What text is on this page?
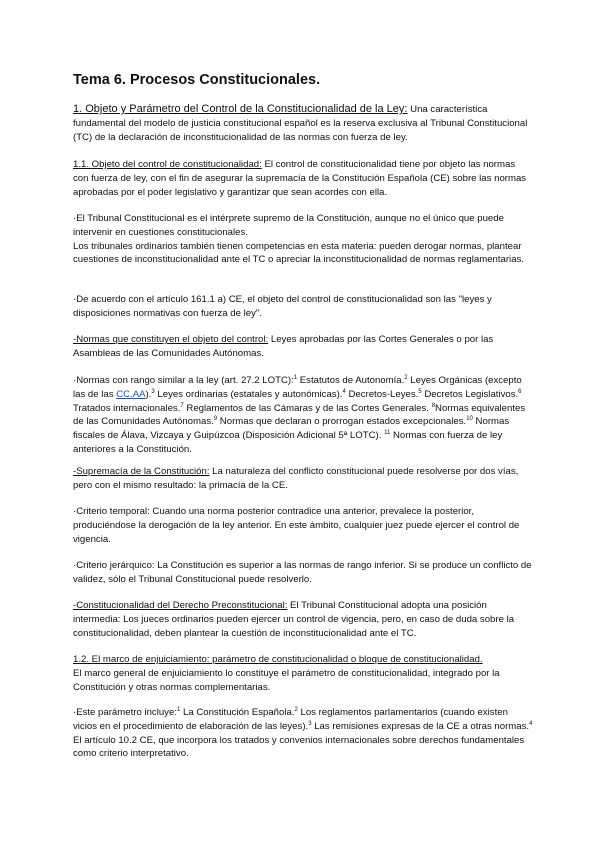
Tema 6. Procesos Constitucionales.

1. Objeto y Parámetro del Control de la Constitucionalidad de la Ley: Una característica fundamental del modelo de justicia constitucional español es la reserva exclusiva al Tribunal Constitucional (TC) de la declaración de inconstitucionalidad de las normas con fuerza de ley.

1.1. Objeto del control de constitucionalidad: El control de constitucionalidad tiene por objeto las normas con fuerza de ley, con el fin de asegurar la supremacía de la Constitución Española (CE) sobre las normas aprobadas por el poder legislativo y garantizar que sean acordes con ella.

·El Tribunal Constitucional es el intérprete supremo de la Constitución, aunque no el único que puede intervenir en cuestiones constitucionales.
Los tribunales ordinarios también tienen competencias en esta materia: pueden derogar normas, plantear cuestiones de inconstitucionalidad ante el TC o apreciar la inconstitucionalidad de normas reglamentarias.

·De acuerdo con el artículo 161.1 a) CE, el objeto del control de constitucionalidad son las "leyes y disposiciones normativas con fuerza de ley".

-Normas que constituyen el objeto del control: Leyes aprobadas por las Cortes Generales o por las Asambleas de las Comunidades Autónomas.

·Normas con rango similar a la ley (art. 27.2 LOTC):$^1$ Estatutos de Autonomía.$^2$ Leyes Orgánicas (excepto las de las CC.AA).$^3$ Leyes ordinarias (estatales y autonómicas).$^4$ Decretos-Leyes.$^5$ Decretos Legislativos.$^6$ Tratados internacionales.$^7$ Reglamentos de las Cámaras y de las Cortes Generales. $^8$Normas equivalentes de las Comunidades Autónomas.$^9$ Normas que declaran o prorrogan estados excepcionales.$^{10}$ Normas fiscales de Álava, Vizcaya y Guipúzcoa (Disposición Adicional 5ª LOTC). $^{11}$ Normas con fuerza de ley anteriores a la Constitución.

-Supremacía de la Constitución: La naturaleza del conflicto constitucional puede resolverse por dos vías, pero con el mismo resultado: la primacía de la CE.

·Criterio temporal: Cuando una norma posterior contradice una anterior, prevalece la posterior, produciéndose la derogación de la ley anterior. En este ámbito, cualquier juez puede ejercer el control de vigencia.

·Criterio jerárquico: La Constitución es superior a las normas de rango inferior. Si se produce un conflicto de validez, sólo el Tribunal Constitucional puede resolverlo.

-Constitucionalidad del Derecho Preconstitucional: El Tribunal Constitucional adopta una posición intermedia: Los jueces ordinarios pueden ejercer un control de vigencia, pero, en caso de duda sobre la constitucionalidad, deben plantear la cuestión de inconstitucionalidad ante el TC.

1.2. El marco de enjuiciamiento: parámetro de constitucionalidad o bloque de constitucionalidad.
El marco general de enjuiciamiento lo constituye el parámetro de constitucionalidad, integrado por la Constitución y otras normas complementarias.

·Este parámetro incluye:$^1$ La Constitución Española.$^2$ Los reglamentos parlamentarios (cuando existen vicios en el procedimiento de elaboración de las leyes).$^3$ Las remisiones expresas de la CE a otras normas.$^4$ El artículo 10.2 CE, que incorpora los tratados y convenios internacionales sobre derechos fundamentales como criterio interpretativo.
